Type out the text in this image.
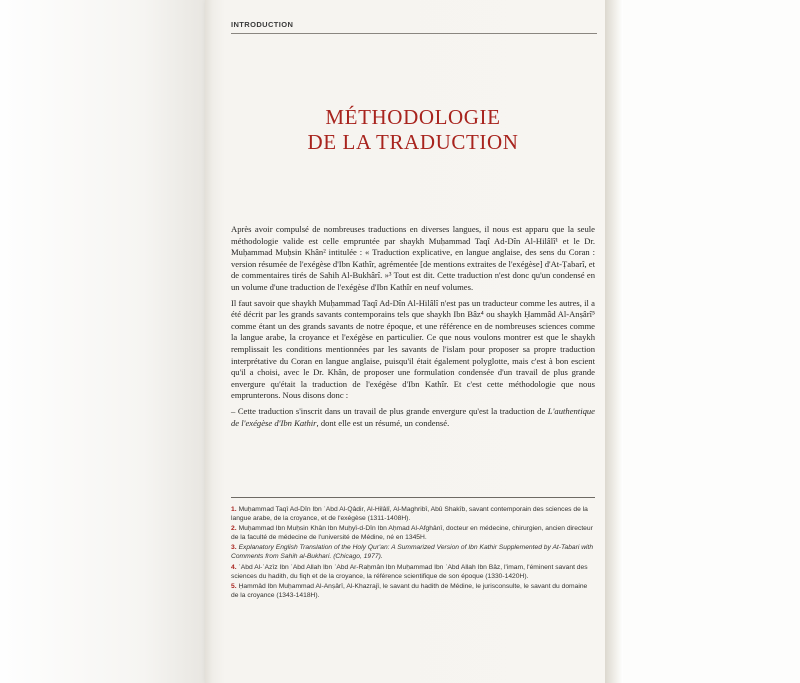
INTRODUCTION
MÉTHODOLOGIE
DE LA TRADUCTION

Après avoir compulsé de nombreuses traductions en diverses langues, il nous est apparu que la seule méthodologie valide est celle empruntée par shaykh Muḥammad Taqî Ad-Dîn Al-Hilâlî¹ et le Dr. Muḥammad Muḥsin Khân² intitulée : « Traduction explicative, en langue anglaise, des sens du Coran : version résumée de l'exégèse d'Ibn Kathîr, agrémentée [de mentions extraites de l'exégèse] d'At-Ṭabarî, et de commentaires tirés de Sahih Al-Bukhârî. »³ Tout est dit. Cette traduction n'est donc qu'un condensé en un volume d'une traduction de l'exégèse d'Ibn Kathîr en neuf volumes.

Il faut savoir que shaykh Muḥammad Taqî Ad-Dîn Al-Hilâlî n'est pas un traducteur comme les autres, il a été décrit par les grands savants contemporains tels que shaykh Ibn Bâz⁴ ou shaykh Ḥammâd Al-Anṣârî⁵ comme étant un des grands savants de notre époque, et une référence en de nombreuses sciences comme la langue arabe, la croyance et l'exégèse en particulier. Ce que nous voulons montrer est que le shaykh remplissait les conditions mentionnées par les savants de l'islam pour proposer sa propre traduction interprétative du Coran en langue anglaise, puisqu'il était également polyglotte, mais c'est à bon escient qu'il a choisi, avec le Dr. Khân, de proposer une formulation condensée d'un travail de plus grande envergure qu'était la traduction de l'exégèse d'Ibn Kathîr. Et c'est cette méthodologie que nous emprunterons. Nous disons donc :

– Cette traduction s'inscrit dans un travail de plus grande envergure qu'est la traduction de L'authentique de l'exégèse d'Ibn Kathir, dont elle est un résumé, un condensé.

1. Muḥammad Taqî Ad-Dîn Ibn ʿAbd Al-Qâdir, Al-Hilâlî, Al-Maghribî, Abû Shakîb, savant contemporain des sciences de la langue arabe, de la croyance, et de l'exégèse (1311-1408H).
2. Muḥammad Ibn Muḥsin Khân Ibn Muḥyî-d-Dîn Ibn Aḥmad Al-Afghânî, docteur en médecine, chirurgien, ancien directeur de la faculté de médecine de l'université de Médine, né en 1345H.
3. Explanatory English Translation of the Holy Qur'an: A Summarized Version of Ibn Kathir Supplemented by At-Tabari with Comments from Sahih al-Bukhari. (Chicago, 1977).
4. ʿAbd Al-ʿAzîz Ibn ʿAbd Allah Ibn ʿAbd Ar-Raḥmân Ibn Muḥammad Ibn ʿAbd Allah Ibn Bâz, l'imam, l'éminent savant des sciences du hadith, du fiqh et de la croyance, la référence scientifique de son époque (1330-1420H).
5. Ḥammâd Ibn Muḥammad Al-Anṣârî, Al-Khazrajî, le savant du hadith de Médine, le jurisconsulte, le savant du domaine de la croyance (1343-1418H).
